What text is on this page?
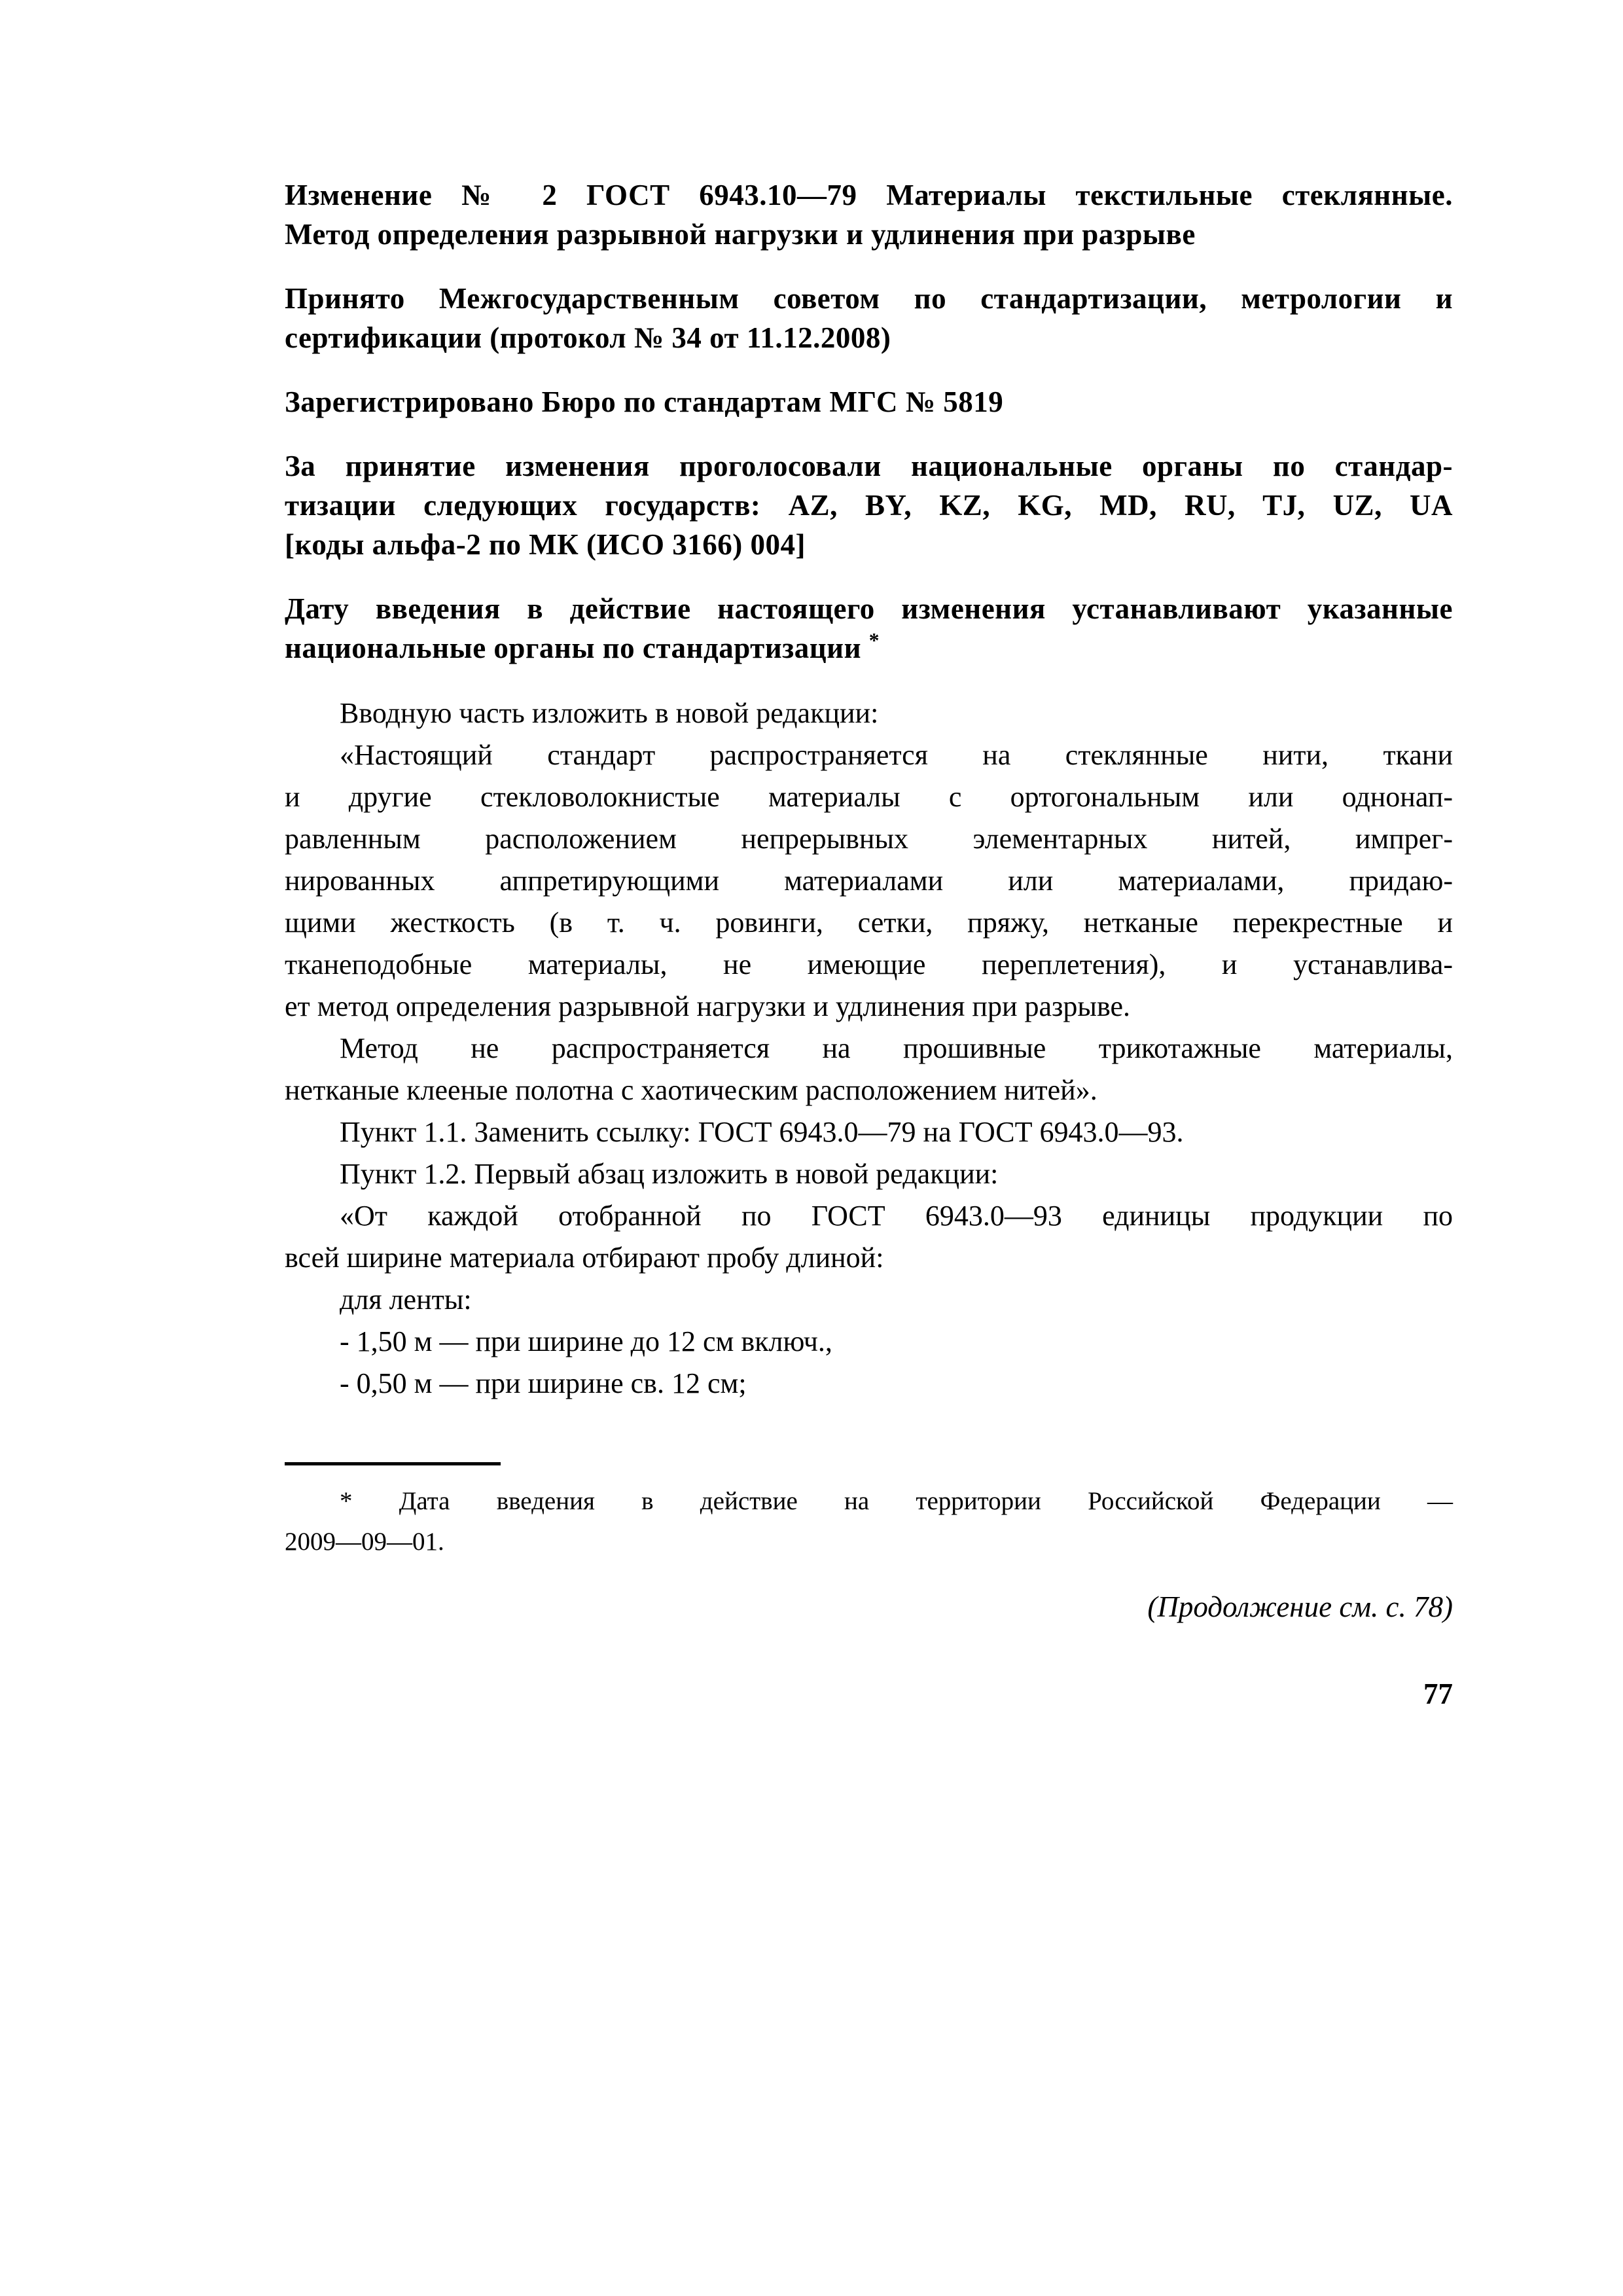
Изменение № 2 ГОСТ 6943.10—79 Материалы текстильные стеклянные.
Метод определения разрывной нагрузки и удлинения при разрыве
Принято Межгосударственным советом по стандартизации, метрологии и
сертификации (протокол № 34 от 11.12.2008)
Зарегистрировано Бюро по стандартам МГС № 5819
За принятие изменения проголосовали национальные органы по стандар-
тизации следующих государств: AZ, BY, KZ, KG, MD, RU, TJ, UZ, UA
[коды альфа-2 по МК (ИСО 3166) 004]
Дату введения в действие настоящего изменения устанавливают указанные
национальные органы по стандартизации *
Вводную часть изложить в новой редакции:
«Настоящий стандарт распространяется на стеклянные нити, ткани
и другие стекловолокнистые материалы с ортогональным или однонап-
равленным расположением непрерывных элементарных нитей, импрег-
нированных аппретирующими материалами или материалами, придаю-
щими жесткость (в т. ч. ровинги, сетки, пряжу, нетканые перекрестные и
тканеподобные материалы, не имеющие переплетения), и устанавлива-
ет метод определения разрывной нагрузки и удлинения при разрыве.
Метод не распространяется на прошивные трикотажные материалы,
нетканые клееные полотна с хаотическим расположением нитей».
Пункт 1.1. Заменить ссылку: ГОСТ 6943.0—79 на ГОСТ 6943.0—93.
Пункт 1.2. Первый абзац изложить в новой редакции:
«От каждой отобранной по ГОСТ 6943.0—93 единицы продукции по
всей ширине материала отбирают пробу длиной:
для ленты:
- 1,50 м — при ширине до 12 см включ.,
- 0,50 м — при ширине св. 12 см;
* Дата введения в действие на территории Российской Федерации —
2009—09—01.
(Продолжение см. с. 78)
77
